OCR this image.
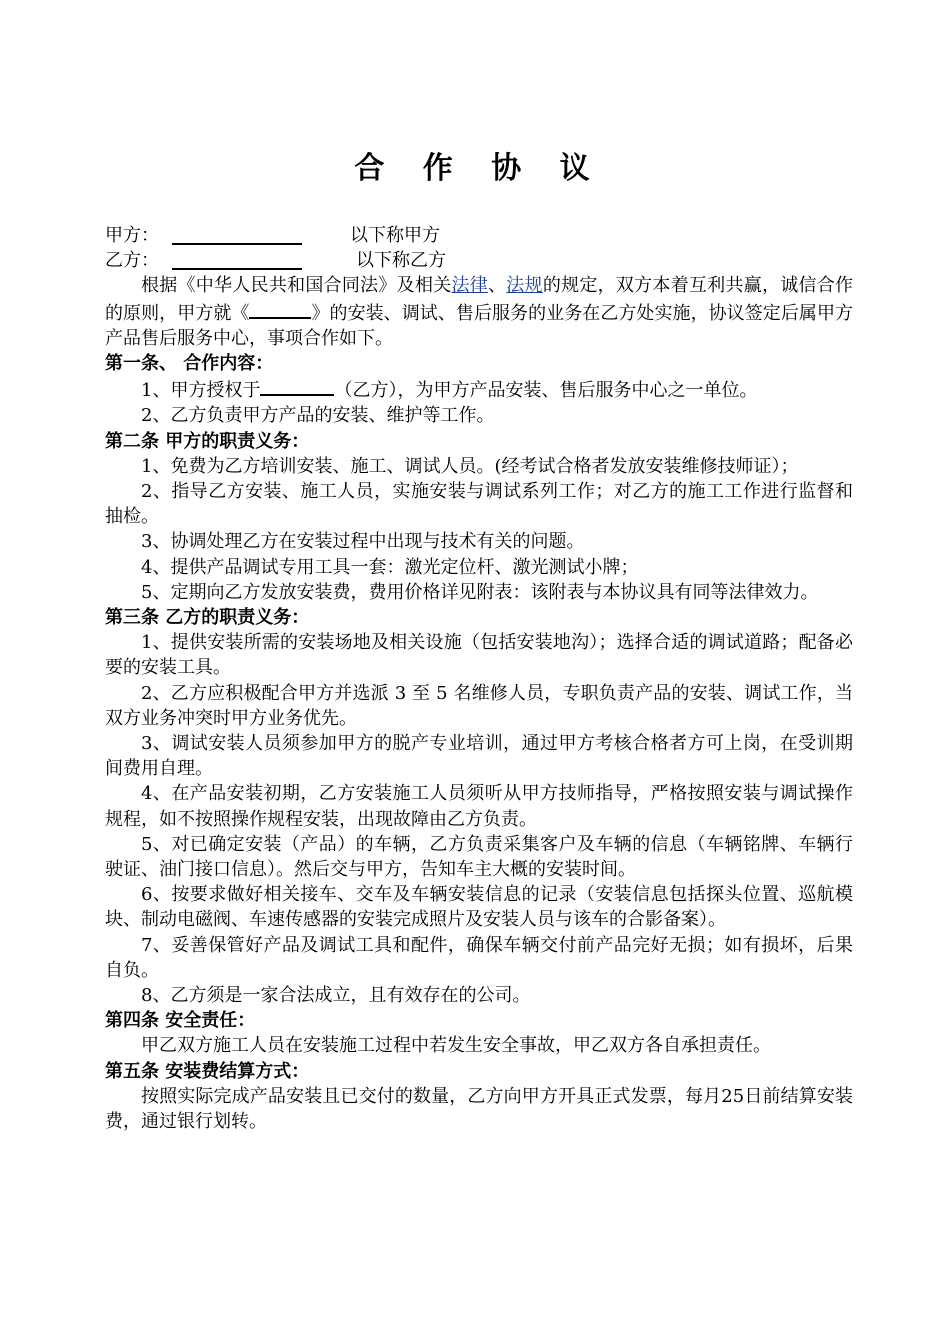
合 作 协 议
甲方：	以下称甲方
乙方：	以下称乙方
根据《中华人民共和国合同法》及相关法律、法规的规定，双方本着互利共赢，诚信合作的原则，甲方就《	》的安装、调试、售后服务的业务在乙方处实施，协议签定后属甲方产品售后服务中心，事项合作如下。
第一条、 合作内容：
1、甲方授权于	（乙方），为甲方产品安装、售后服务中心之一单位。
2、乙方负责甲方产品的安装、维护等工作。
第二条 甲方的职责义务：
1、免费为乙方培训安装、施工、调试人员。(经考试合格者发放安装维修技师证）；
2、指导乙方安装、施工人员，实施安装与调试系列工作；对乙方的施工工作进行监督和抽检。
3、协调处理乙方在安装过程中出现与技术有关的问题。
4、提供产品调试专用工具一套：激光定位杆、激光测试小牌；
5、定期向乙方发放安装费，费用价格详见附表：该附表与本协议具有同等法律效力。
第三条 乙方的职责义务：
1、提供安装所需的安装场地及相关设施（包括安装地沟）；选择合适的调试道路；配备必要的安装工具。
2、乙方应积极配合甲方并选派 3 至 5 名维修人员，专职负责产品的安装、调试工作，当双方业务冲突时甲方业务优先。
3、调试安装人员须参加甲方的脱产专业培训，通过甲方考核合格者方可上岗，在受训期间费用自理。
4、在产品安装初期，乙方安装施工人员须听从甲方技师指导，严格按照安装与调试操作规程，如不按照操作规程安装，出现故障由乙方负责。
5、对已确定安装（产品）的车辆，乙方负责采集客户及车辆的信息（车辆铭牌、车辆行驶证、油门接口信息）。然后交与甲方，告知车主大概的安装时间。
6、按要求做好相关接车、交车及车辆安装信息的记录（安装信息包括探头位置、巡航模块、制动电磁阀、车速传感器的安装完成照片及安装人员与该车的合影备案）。
7、妥善保管好产品及调试工具和配件，确保车辆交付前产品完好无损；如有损坏，后果自负。
8、乙方须是一家合法成立，且有效存在的公司。
第四条 安全责任：
甲乙双方施工人员在安装施工过程中若发生安全事故，甲乙双方各自承担责任。
第五条 安装费结算方式：
按照实际完成产品安装且已交付的数量，乙方向甲方开具正式发票，每月25日前结算安装费，通过银行划转。
